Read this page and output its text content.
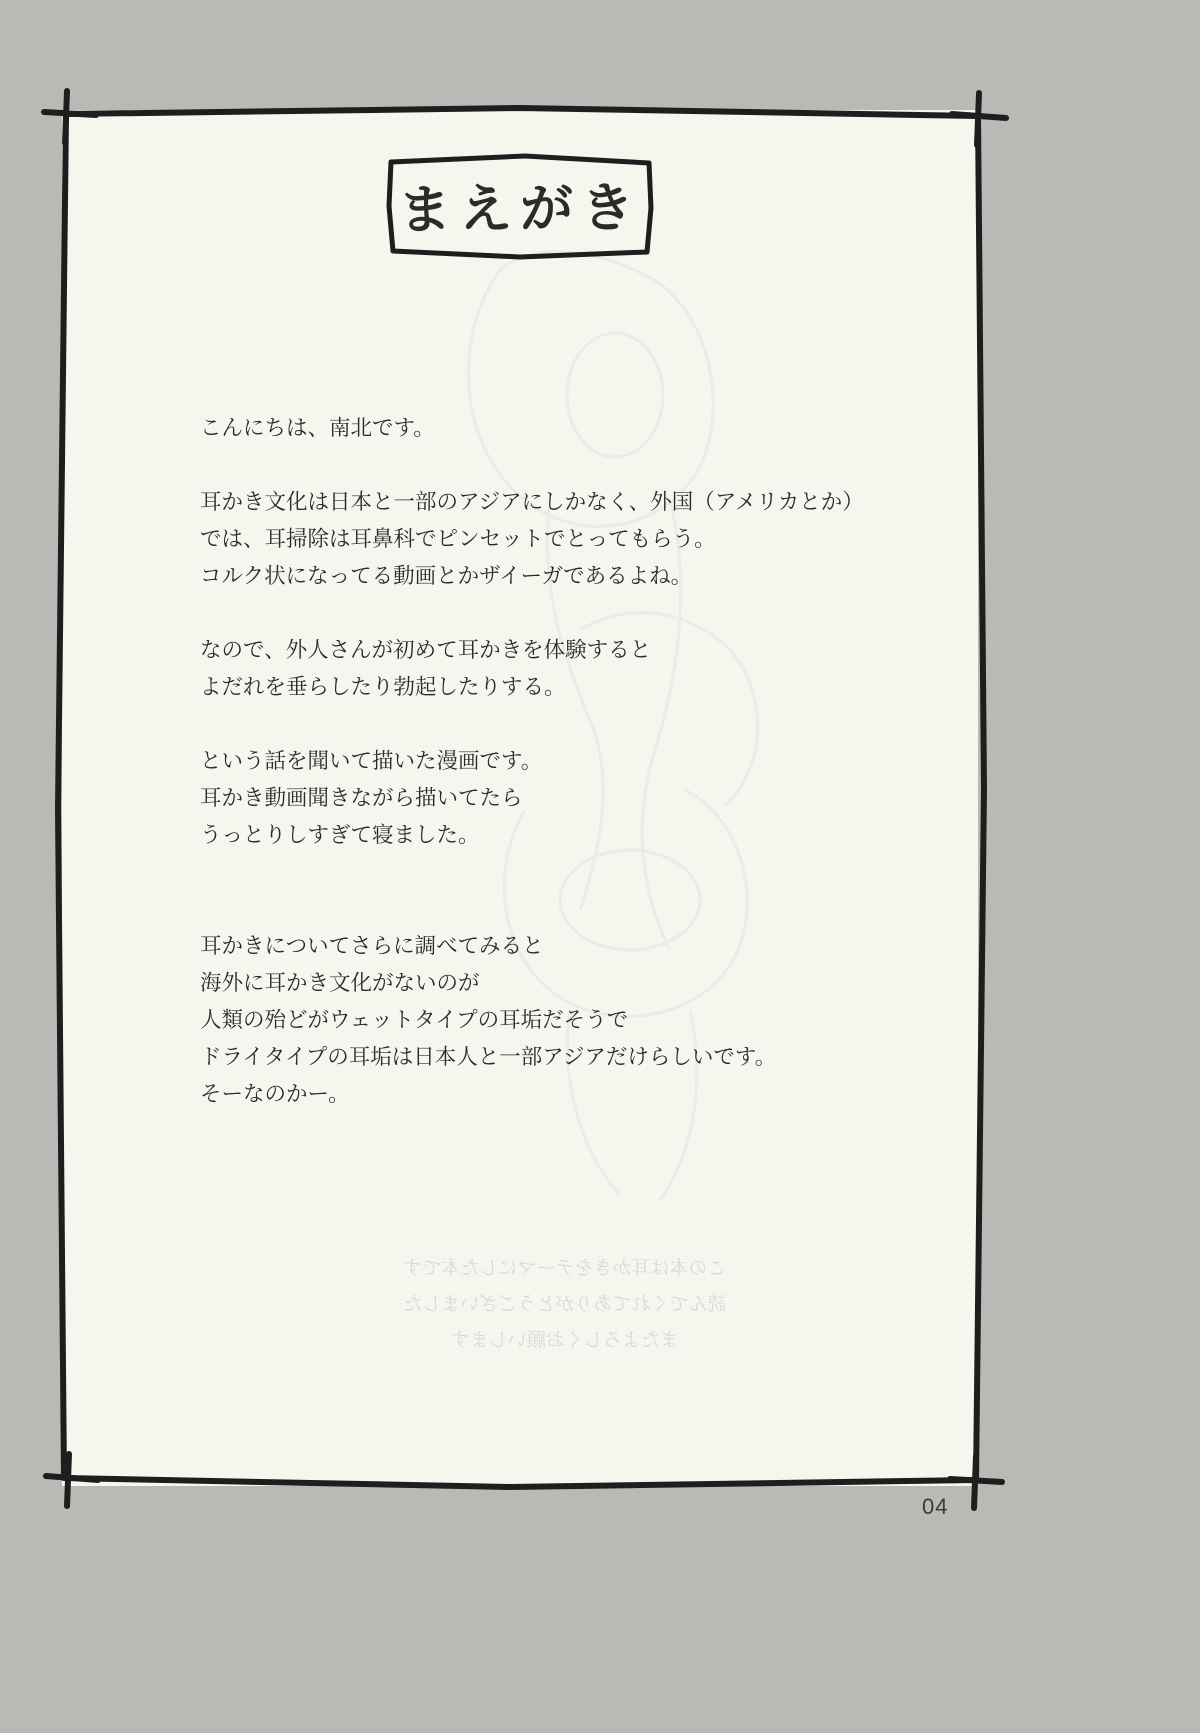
まえがき
こんにちは、南北です。
耳かき文化は日本と一部のアジアにしかなく、外国（アメリカとか）
では、耳掃除は耳鼻科でピンセットでとってもらう。
コルク状になってる動画とかザイーガであるよね。
なので、外人さんが初めて耳かきを体験すると
よだれを垂らしたり勃起したりする。
という話を聞いて描いた漫画です。
耳かき動画聞きながら描いてたら
うっとりしすぎて寝ました。
耳かきについてさらに調べてみると
海外に耳かき文化がないのが
人類の殆どがウェットタイプの耳垢だそうで
ドライタイプの耳垢は日本人と一部アジアだけらしいです。
そーなのかー。
この本は耳かきをテーマにした本です
読んでくれてありがとうございました
またよろしくお願いします
04
